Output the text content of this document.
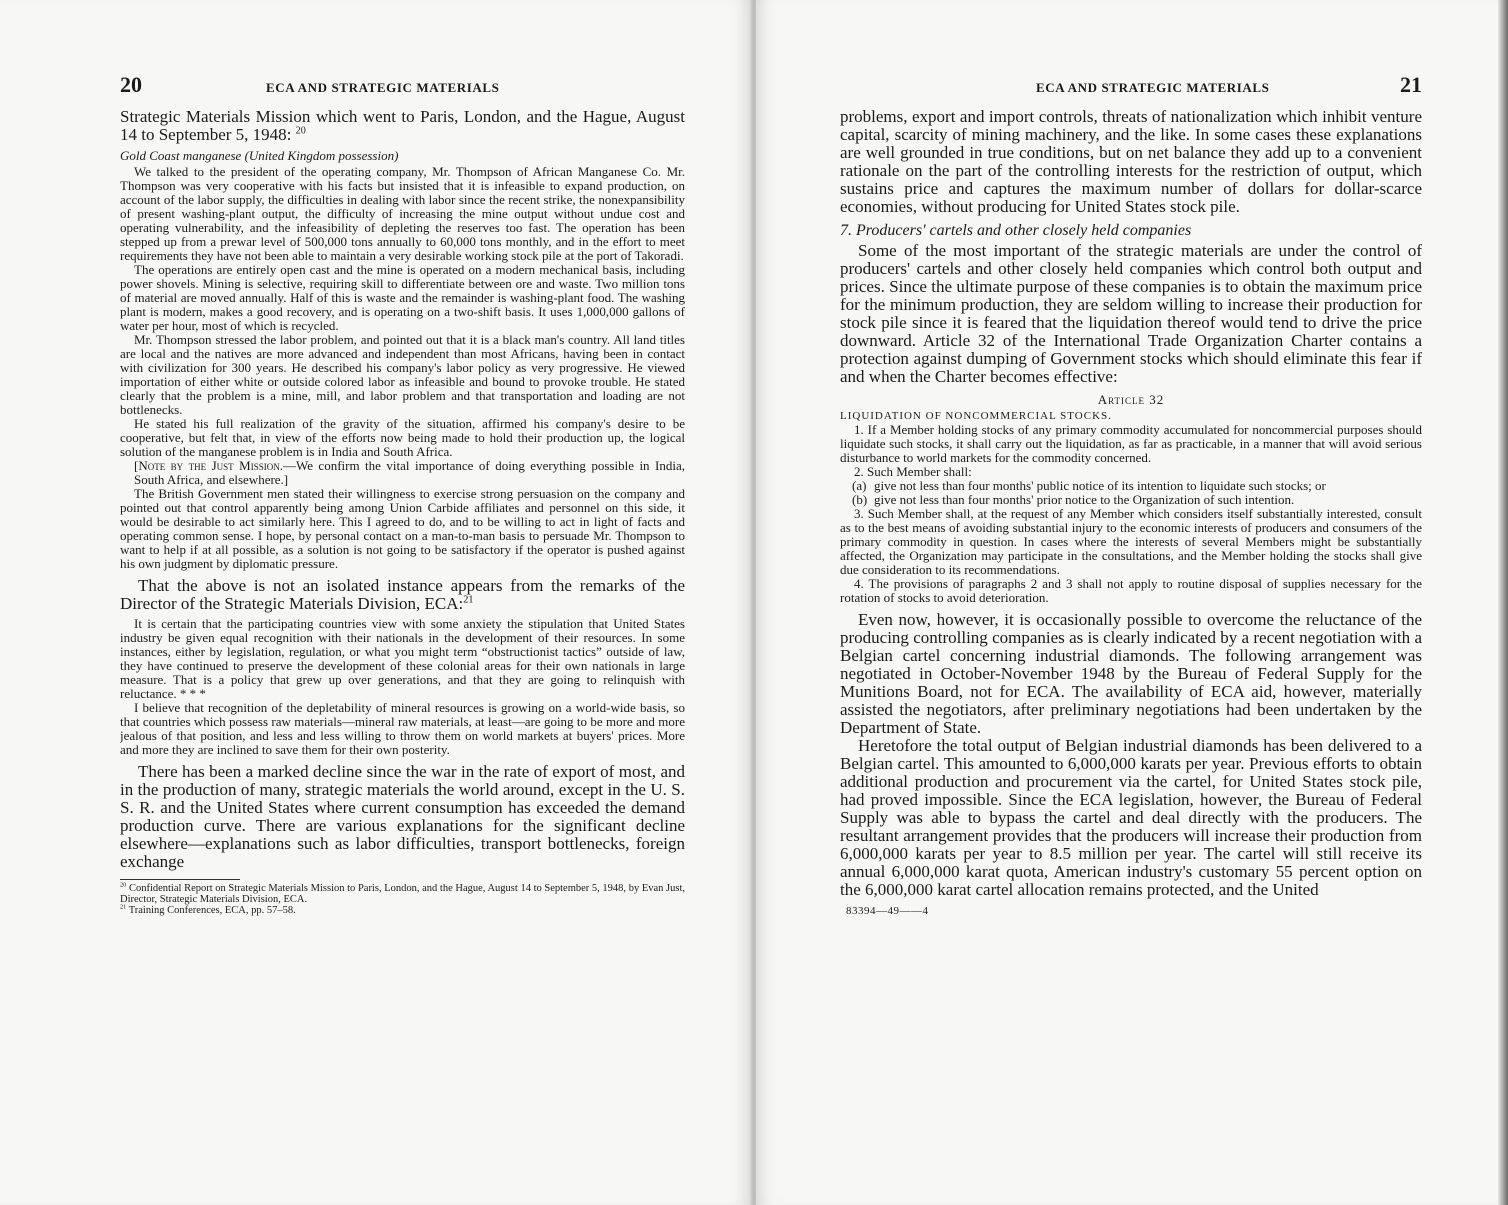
20	ECA AND STRATEGIC MATERIALS

Strategic Materials Mission which went to Paris, London, and the Hague, August 14 to September 5, 1948: $^{20}$

Gold Coast manganese (United Kingdom possession)

We talked to the president of the operating company, Mr. Thompson of African Manganese Co. Mr. Thompson was very cooperative with his facts but insisted that it is infeasible to expand production, on account of the labor supply, the difficulties in dealing with labor since the recent strike, the nonexpansibility of present washing-plant output, the difficulty of increasing the mine output without undue cost and operating vulnerability, and the infeasibility of depleting the reserves too fast. The operation has been stepped up from a prewar level of 500,000 tons annually to 60,000 tons monthly, and in the effort to meet requirements they have not been able to maintain a very desirable working stock pile at the port of Takoradi.

The operations are entirely open cast and the mine is operated on a modern mechanical basis, including power shovels. Mining is selective, requiring skill to differentiate between ore and waste. Two million tons of material are moved annually. Half of this is waste and the remainder is washing-plant food. The washing plant is modern, makes a good recovery, and is operating on a two-shift basis. It uses 1,000,000 gallons of water per hour, most of which is recycled.

Mr. Thompson stressed the labor problem, and pointed out that it is a black man's country. All land titles are local and the natives are more advanced and independent than most Africans, having been in contact with civilization for 300 years. He described his company's labor policy as very progressive. He viewed importation of either white or outside colored labor as infeasible and bound to provoke trouble. He stated clearly that the problem is a mine, mill, and labor problem and that transportation and loading are not bottlenecks.

He stated his full realization of the gravity of the situation, affirmed his company's desire to be cooperative, but felt that, in view of the efforts now being made to hold their production up, the logical solution of the manganese problem is in India and South Africa.

[Note by the Just Mission.—We confirm the vital importance of doing everything possible in India, South Africa, and elsewhere.]

The British Government men stated their willingness to exercise strong persuasion on the company and pointed out that control apparently being among Union Carbide affiliates and personnel on this side, it would be desirable to act similarly here. This I agreed to do, and to be willing to act in light of facts and operating common sense. I hope, by personal contact on a man-to-man basis to persuade Mr. Thompson to want to help if at all possible, as a solution is not going to be satisfactory if the operator is pushed against his own judgment by diplomatic pressure.

That the above is not an isolated instance appears from the remarks of the Director of the Strategic Materials Division, ECA:$^{21}$

It is certain that the participating countries view with some anxiety the stipulation that United States industry be given equal recognition with their nationals in the development of their resources. In some instances, either by legislation, regulation, or what you might term “obstructionist tactics” outside of law, they have continued to preserve the development of these colonial areas for their own nationals in large measure. That is a policy that grew up over generations, and that they are going to relinquish with reluctance. * * *

I believe that recognition of the depletability of mineral resources is growing on a world-wide basis, so that countries which possess raw materials—mineral raw materials, at least—are going to be more and more jealous of that position, and less and less willing to throw them on world markets at buyers' prices. More and more they are inclined to save them for their own posterity.

There has been a marked decline since the war in the rate of export of most, and in the production of many, strategic materials the world around, except in the U. S. S. R. and the United States where current consumption has exceeded the demand production curve. There are various explanations for the significant decline elsewhere—explanations such as labor difficulties, transport bottlenecks, foreign exchange

$^{20}$ Confidential Report on Strategic Materials Mission to Paris, London, and the Hague, August 14 to September 5, 1948, by Evan Just, Director, Strategic Materials Division, ECA.

$^{21}$ Training Conferences, ECA, pp. 57–58.

ECA AND STRATEGIC MATERIALS	21

problems, export and import controls, threats of nationalization which inhibit venture capital, scarcity of mining machinery, and the like. In some cases these explanations are well grounded in true conditions, but on net balance they add up to a convenient rationale on the part of the controlling interests for the restriction of output, which sustains price and captures the maximum number of dollars for dollar-scarce economies, without producing for United States stock pile.

7. Producers' cartels and other closely held companies

Some of the most important of the strategic materials are under the control of producers' cartels and other closely held companies which control both output and prices. Since the ultimate purpose of these companies is to obtain the maximum price for the minimum production, they are seldom willing to increase their production for stock pile since it is feared that the liquidation thereof would tend to drive the price downward. Article 32 of the International Trade Organization Charter contains a protection against dumping of Government stocks which should eliminate this fear if and when the Charter becomes effective:

Article 32
LIQUIDATION OF NONCOMMERCIAL STOCKS.

1. If a Member holding stocks of any primary commodity accumulated for noncommercial purposes should liquidate such stocks, it shall carry out the liquidation, as far as practicable, in a manner that will avoid serious disturbance to world markets for the commodity concerned.

2. Such Member shall:

(a) give not less than four months' public notice of its intention to liquidate such stocks; or

(b) give not less than four months' prior notice to the Organization of such intention.

3. Such Member shall, at the request of any Member which considers itself substantially interested, consult as to the best means of avoiding substantial injury to the economic interests of producers and consumers of the primary commodity in question. In cases where the interests of several Members might be substantially affected, the Organization may participate in the consultations, and the Member holding the stocks shall give due consideration to its recommendations.

4. The provisions of paragraphs 2 and 3 shall not apply to routine disposal of supplies necessary for the rotation of stocks to avoid deterioration.

Even now, however, it is occasionally possible to overcome the reluctance of the producing controlling companies as is clearly indicated by a recent negotiation with a Belgian cartel concerning industrial diamonds. The following arrangement was negotiated in October-November 1948 by the Bureau of Federal Supply for the Munitions Board, not for ECA. The availability of ECA aid, however, materially assisted the negotiators, after preliminary negotiations had been undertaken by the Department of State.

Heretofore the total output of Belgian industrial diamonds has been delivered to a Belgian cartel. This amounted to 6,000,000 karats per year. Previous efforts to obtain additional production and procurement via the cartel, for United States stock pile, had proved impossible. Since the ECA legislation, however, the Bureau of Federal Supply was able to bypass the cartel and deal directly with the producers. The resultant arrangement provides that the producers will increase their production from 6,000,000 karats per year to 8.5 million per year. The cartel will still receive its annual 6,000,000 karat quota, American industry's customary 55 percent option on the 6,000,000 karat cartel allocation remains protected, and the United

83394—49——4
